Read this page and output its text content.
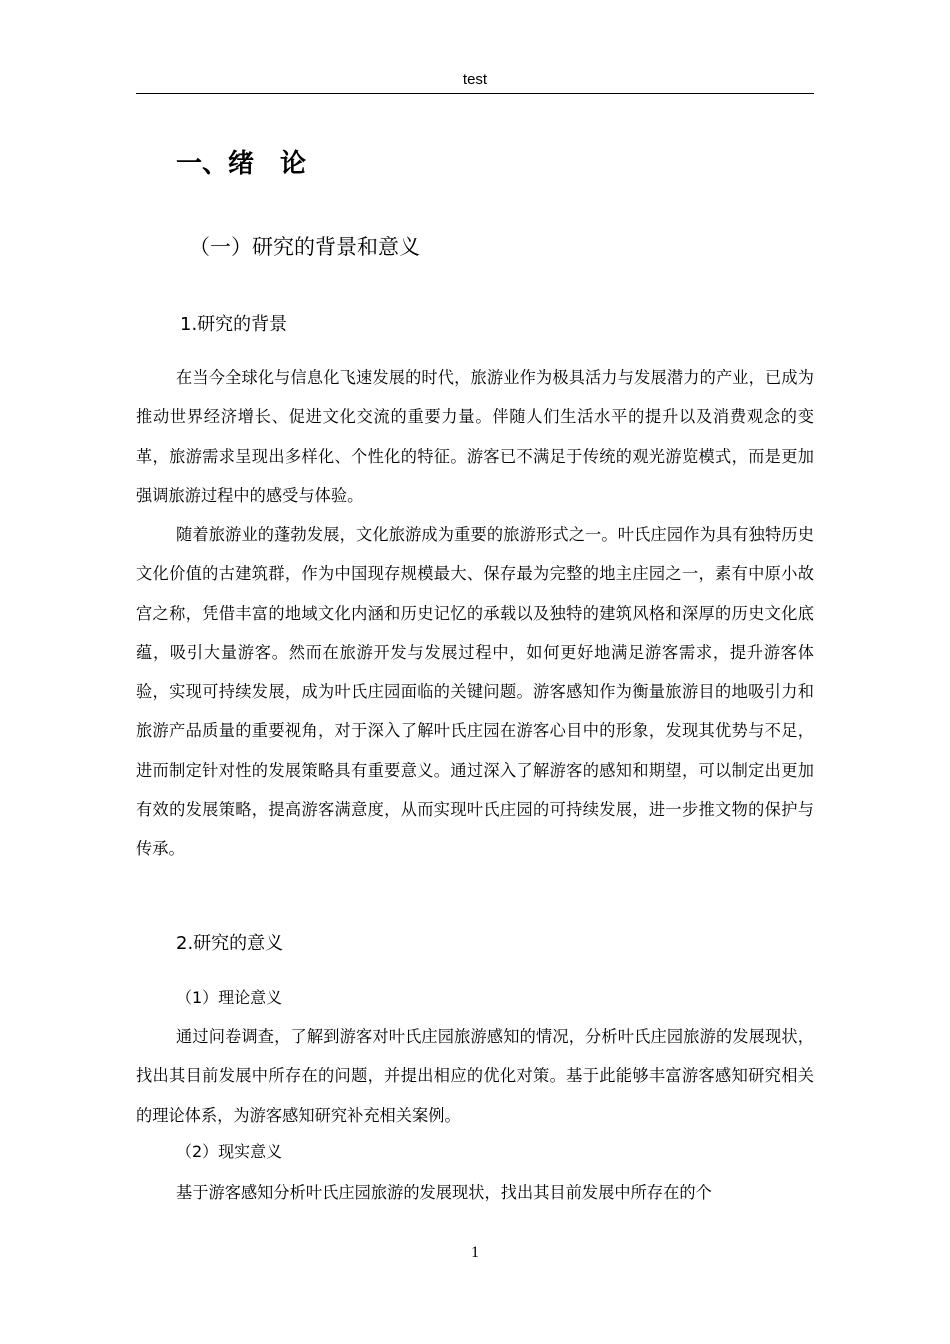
test
一、绪　论
（一）研究的背景和意义
1.研究的背景

在当今全球化与信息化飞速发展的时代，旅游业作为极具活力与发展潜力的产业，已成为推动世界经济增长、促进文化交流的重要力量。伴随人们生活水平的提升以及消费观念的变革，旅游需求呈现出多样化、个性化的特征。游客已不满足于传统的观光游览模式，而是更加强调旅游过程中的感受与体验。

随着旅游业的蓬勃发展，文化旅游成为重要的旅游形式之一。叶氏庄园作为具有独特历史文化价值的古建筑群，作为中国现存规模最大、保存最为完整的地主庄园之一，素有中原小故宫之称，凭借丰富的地域文化内涵和历史记忆的承载以及独特的建筑风格和深厚的历史文化底蕴，吸引大量游客。然而在旅游开发与发展过程中，如何更好地满足游客需求，提升游客体验，实现可持续发展，成为叶氏庄园面临的关键问题。游客感知作为衡量旅游目的地吸引力和旅游产品质量的重要视角，对于深入了解叶氏庄园在游客心目中的形象，发现其优势与不足，进而制定针对性的发展策略具有重要意义。通过深入了解游客的感知和期望，可以制定出更加有效的发展策略，提高游客满意度，从而实现叶氏庄园的可持续发展，进一步推文物的保护与传承。

2.研究的意义
（1）理论意义

通过问卷调查，了解到游客对叶氏庄园旅游感知的情况，分析叶氏庄园旅游的发展现状，找出其目前发展中所存在的问题，并提出相应的优化对策。基于此能够丰富游客感知研究相关的理论体系，为游客感知研究补充相关案例。

（2）现实意义

基于游客感知分析叶氏庄园旅游的发展现状，找出其目前发展中所存在的个

1
